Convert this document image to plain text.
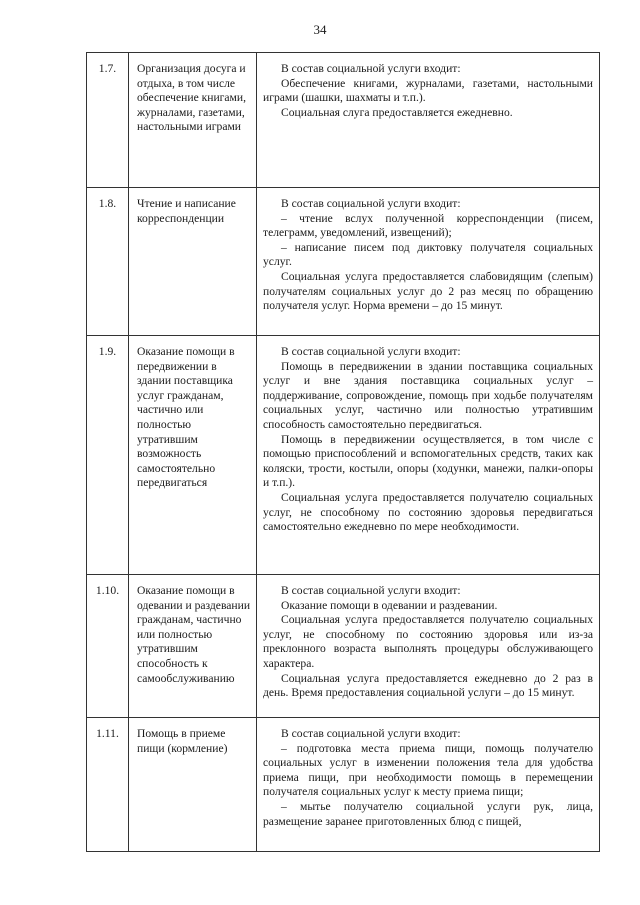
34
1.7.	Организация досуга и отдыха, в том числе обеспечение книгами, журналами, газетами, настольными играми	В состав социальной услуги входит:

Обеспечение книгами, журналами, газетами, настольными играми (шашки, шахматы и т.п.).

Социальная слуга предоставляется ежедневно.

1.8.	Чтение и написание корреспонденции	В состав социальной услуги входит:

– чтение вслух полученной корреспонденции (писем, телеграмм, уведомлений, извещений);

– написание писем под диктовку получателя социальных услуг.

Социальная услуга предоставляется слабовидящим (слепым) получателям социальных услуг до 2 раз месяц по обращению получателя услуг. Норма времени – до 15 минут.

1.9.	Оказание помощи в передвижении в здании поставщика услуг гражданам, частично или полностью утратившим возможность самостоятельно передвигаться	В состав социальной услуги входит:

Помощь в передвижении в здании поставщика социальных услуг и вне здания поставщика социальных услуг – поддерживание, сопровождение, помощь при ходьбе получателям социальных услуг, частично или полностью утратившим способность самостоятельно передвигаться.

Помощь в передвижении осуществляется, в том числе с помощью приспособлений и вспомогательных средств, таких как коляски, трости, костыли, опоры (ходунки, манежи, палки-опоры и т.п.).

Социальная услуга предоставляется получателю социальных услуг, не способному по состоянию здоровья передвигаться самостоятельно ежедневно по мере необходимости.

1.10.	Оказание помощи в одевании и раздевании гражданам, частично или полностью утратившим способность к самообслуживанию	В состав социальной услуги входит:

Оказание помощи в одевании и раздевании.

Социальная услуга предоставляется получателю социальных услуг, не способному по состоянию здоровья или из-за преклонного возраста выполнять процедуры обслуживающего характера.

Социальная услуга предоставляется ежедневно до 2 раз в день. Время предоставления социальной услуги – до 15 минут.

1.11.	Помощь в приеме пищи (кормление)	В состав социальной услуги входит:

– подготовка места приема пищи, помощь получателю социальных услуг в изменении положения тела для удобства приема пищи, при необходимости помощь в перемещении получателя социальных услуг к месту приема пищи;

– мытье получателю социальной услуги рук, лица, размещение заранее приготовленных блюд с пищей,
